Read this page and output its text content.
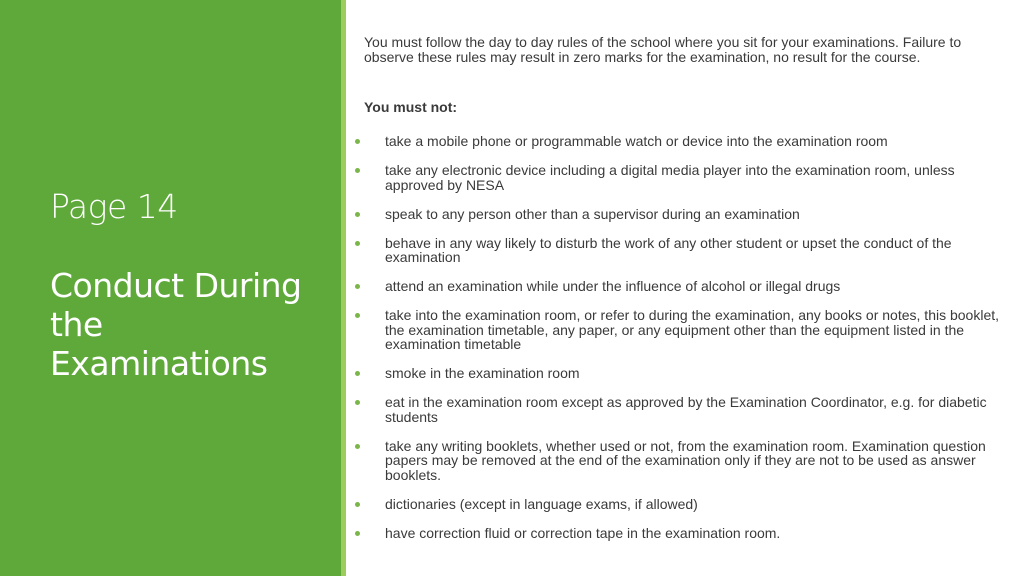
Page 14
Conduct During
the
Examinations
You must follow the day to day rules of the school where you sit for your examinations. Failure to observe these rules may result in zero marks for the examination, no result for the course.
You must not:
take a mobile phone or programmable watch or device into the examination room
take any electronic device including a digital media player into the examination room, unless approved by NESA
speak to any person other than a supervisor during an examination
behave in any way likely to disturb the work of any other student or upset the conduct of the examination
attend an examination while under the influence of alcohol or illegal drugs
take into the examination room, or refer to during the examination, any books or notes, this booklet, the examination timetable, any paper, or any equipment other than the equipment listed in the examination timetable
smoke in the examination room
eat in the examination room except as approved by the Examination Coordinator, e.g. for diabetic students
take any writing booklets, whether used or not, from the examination room. Examination question papers may be removed at the end of the examination only if they are not to be used as answer booklets.
dictionaries (except in language exams, if allowed)
have correction fluid or correction tape in the examination room.
